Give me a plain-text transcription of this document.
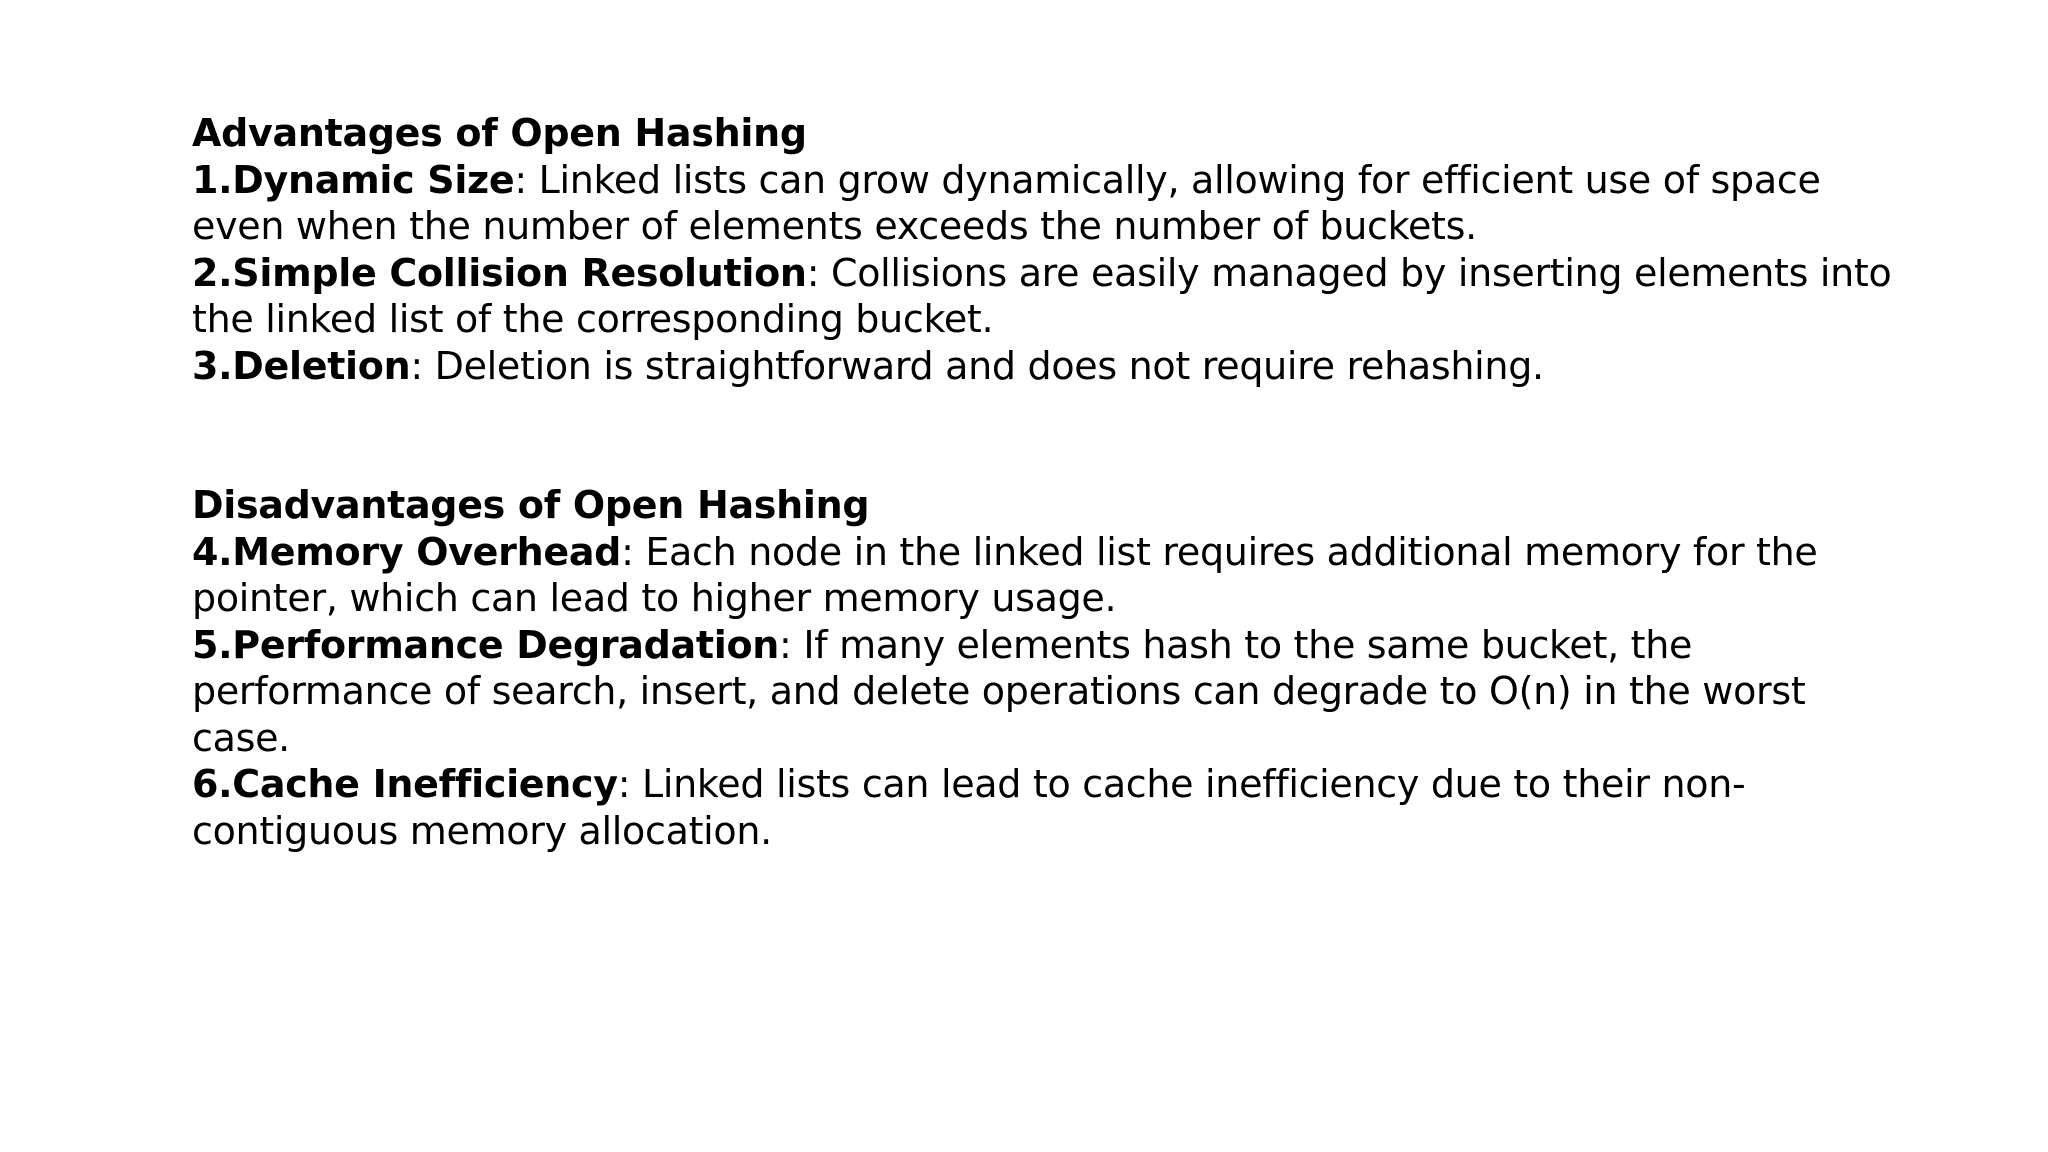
Advantages of Open Hashing

1.Dynamic Size: Linked lists can grow dynamically, allowing for efficient use of space even when the number of elements exceeds the number of buckets.

2.Simple Collision Resolution: Collisions are easily managed by inserting elements into the linked list of the corresponding bucket.

3.Deletion: Deletion is straightforward and does not require rehashing.

Disadvantages of Open Hashing

4.Memory Overhead: Each node in the linked list requires additional memory for the pointer, which can lead to higher memory usage.

5.Performance Degradation: If many elements hash to the same bucket, the performance of search, insert, and delete operations can degrade to O(n) in the worst case.

6.Cache Inefficiency: Linked lists can lead to cache inefficiency due to their non-contiguous memory allocation.
